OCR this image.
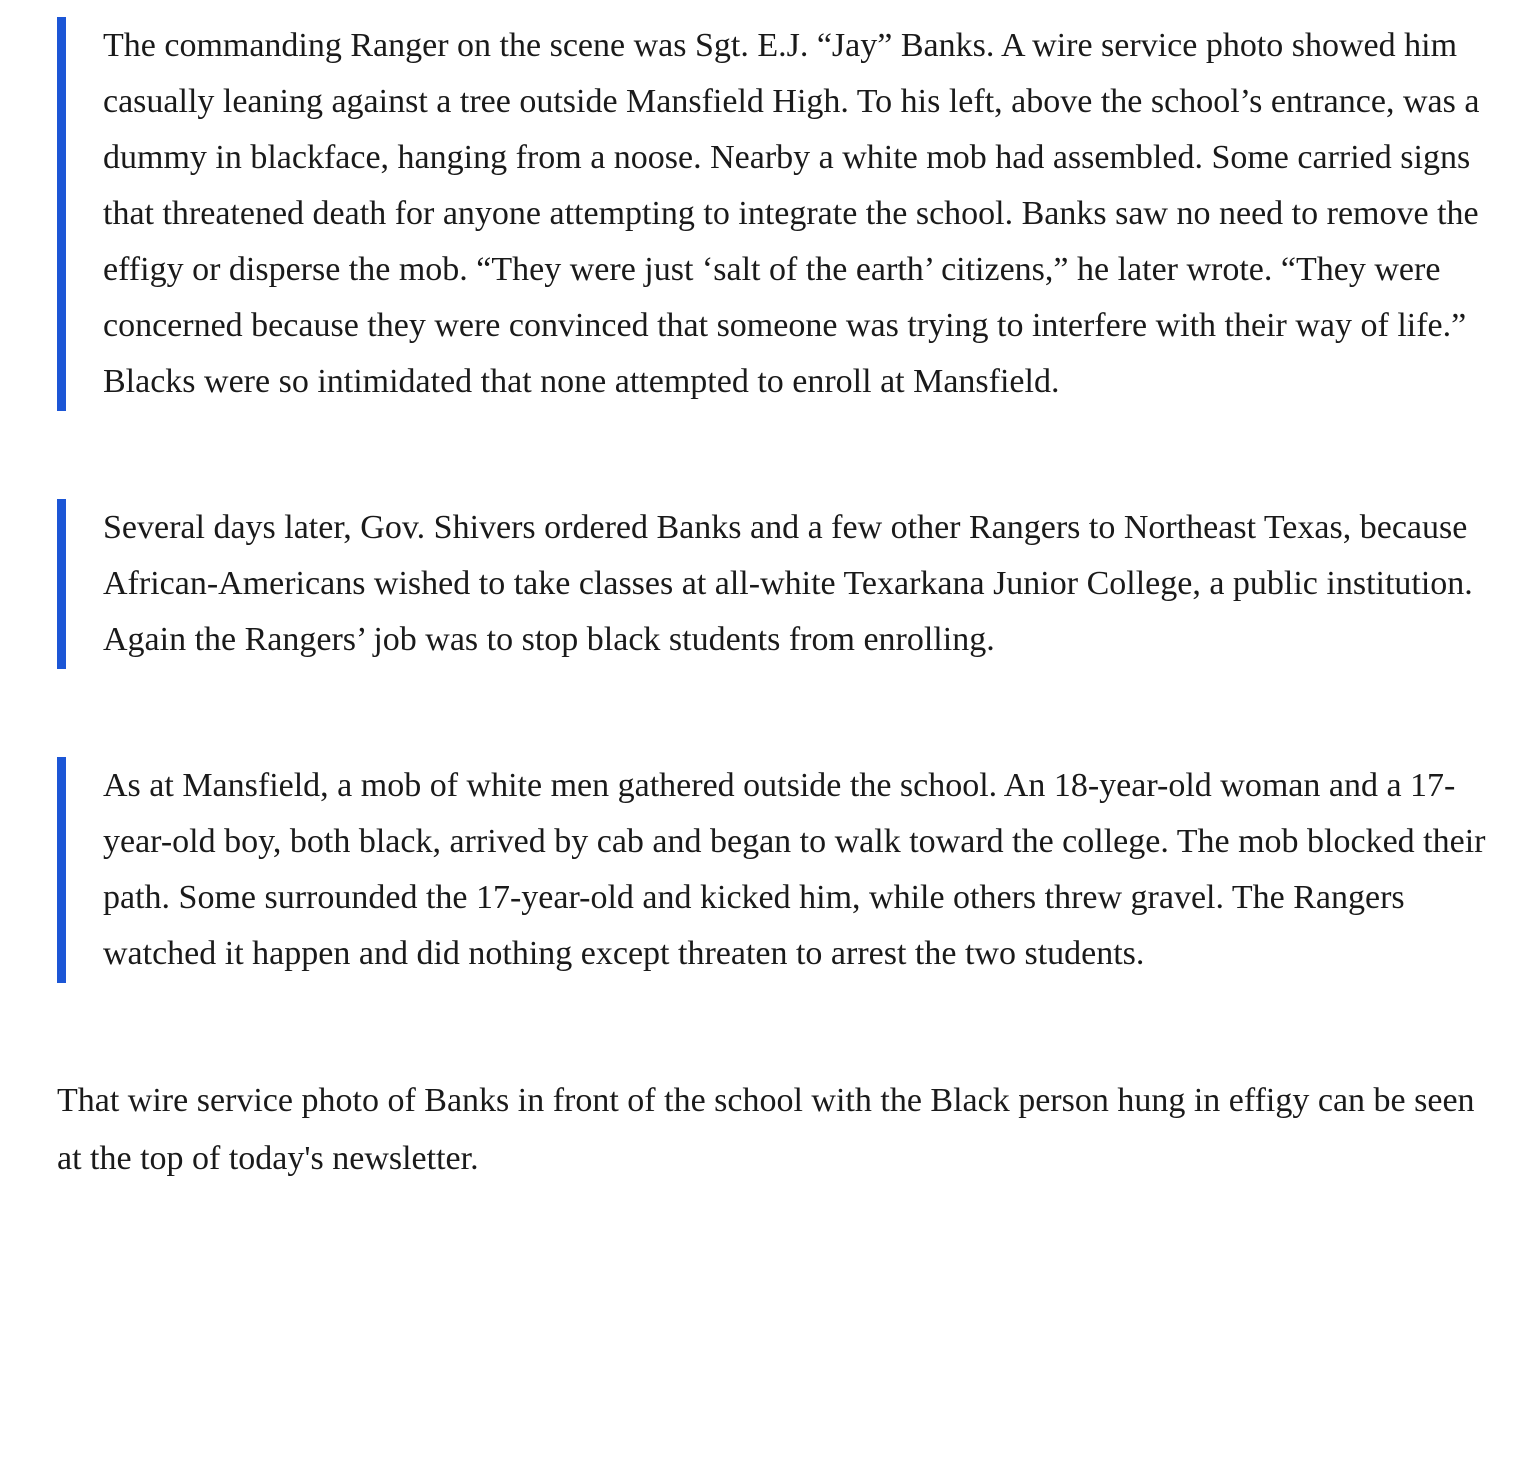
The commanding Ranger on the scene was Sgt. E.J. “Jay” Banks. A wire service photo showed him casually leaning against a tree outside Mansfield High. To his left, above the school’s entrance, was a dummy in blackface, hanging from a noose. Nearby a white mob had assembled. Some carried signs that threatened death for anyone attempting to integrate the school. Banks saw no need to remove the effigy or disperse the mob. “They were just ‘salt of the earth’ citizens,” he later wrote. “They were concerned because they were convinced that someone was trying to interfere with their way of life.” Blacks were so intimidated that none attempted to enroll at Mansfield.

Several days later, Gov. Shivers ordered Banks and a few other Rangers to Northeast Texas, because African-Americans wished to take classes at all-white Texarkana Junior College, a public institution. Again the Rangers’ job was to stop black students from enrolling.

As at Mansfield, a mob of white men gathered outside the school. An 18-year-old woman and a 17-year-old boy, both black, arrived by cab and began to walk toward the college. The mob blocked their path. Some surrounded the 17-year-old and kicked him, while others threw gravel. The Rangers watched it happen and did nothing except threaten to arrest the two students.

That wire service photo of Banks in front of the school with the Black person hung in effigy can be seen at the top of today's newsletter.
